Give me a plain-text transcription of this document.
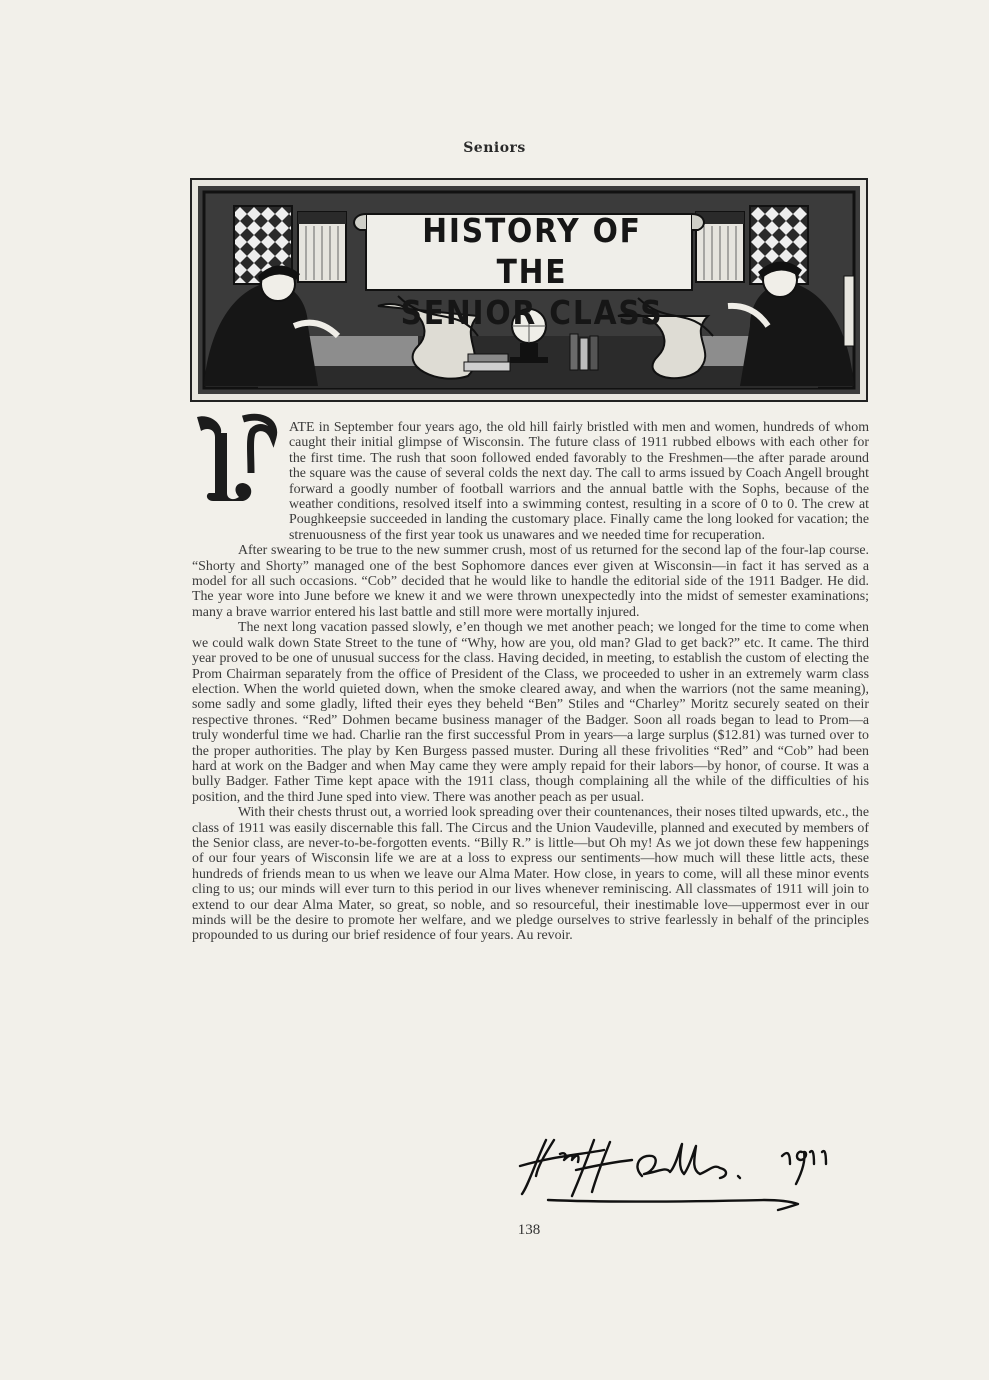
Seniors
HISTORY OF THE
SENIOR CLASS

ATE in September four years ago, the old hill fairly bristled with men and women, hundreds of whom caught their initial glimpse of Wisconsin. The future class of 1911 rubbed elbows with each other for the first time. The rush that soon followed ended favorably to the Freshmen—the after parade around the square was the cause of several colds the next day. The call to arms issued by Coach Angell brought forward a goodly number of football warriors and the annual battle with the Sophs, because of the weather conditions, resolved itself into a swimming contest, resulting in a score of 0 to 0. The crew at Poughkeepsie succeeded in landing the customary place. Finally came the long looked for vacation; the strenuousness of the first year took us unawares and we needed time for recuperation.

After swearing to be true to the new summer crush, most of us returned for the second lap of the four-lap course. “Shorty and Shorty” managed one of the best Sophomore dances ever given at Wisconsin—in fact it has served as a model for all such occasions. “Cob” decided that he would like to handle the editorial side of the 1911 Badger. He did. The year wore into June before we knew it and we were thrown unexpectedly into the midst of semester examinations; many a brave warrior entered his last battle and still more were mortally injured.

The next long vacation passed slowly, e’en though we met another peach; we longed for the time to come when we could walk down State Street to the tune of “Why, how are you, old man? Glad to get back?” etc. It came. The third year proved to be one of unusual success for the class. Having decided, in meeting, to establish the custom of electing the Prom Chairman separately from the office of President of the Class, we proceeded to usher in an extremely warm class election. When the world quieted down, when the smoke cleared away, and when the warriors (not the same meaning), some sadly and some gladly, lifted their eyes they beheld “Ben” Stiles and “Charley” Moritz securely seated on their respective thrones. “Red” Dohmen became business manager of the Badger. Soon all roads began to lead to Prom—a truly wonderful time we had. Charlie ran the first successful Prom in years—a large surplus ($12.81) was turned over to the proper authorities. The play by Ken Burgess passed muster. During all these frivolities “Red” and “Cob” had been hard at work on the Badger and when May came they were amply repaid for their labors—by honor, of course. It was a bully Badger. Father Time kept apace with the 1911 class, though complaining all the while of the difficulties of his position, and the third June sped into view. There was another peach as per usual.

With their chests thrust out, a worried look spreading over their countenances, their noses tilted upwards, etc., the class of 1911 was easily discernable this fall. The Circus and the Union Vaudeville, planned and executed by members of the Senior class, are never-to-be-forgotten events. “Billy R.” is little—but Oh my! As we jot down these few happenings of our four years of Wisconsin life we are at a loss to express our sentiments—how much will these little acts, these hundreds of friends mean to us when we leave our Alma Mater. How close, in years to come, will all these minor events cling to us; our minds will ever turn to this period in our lives whenever reminiscing. All classmates of 1911 will join to extend to our dear Alma Mater, so great, so noble, and so resourceful, their inestimable love—uppermost ever in our minds will be the desire to promote her welfare, and we pledge ourselves to strive fearlessly in behalf of the principles propounded to us during our brief residence of four years. Au revoir.

138
